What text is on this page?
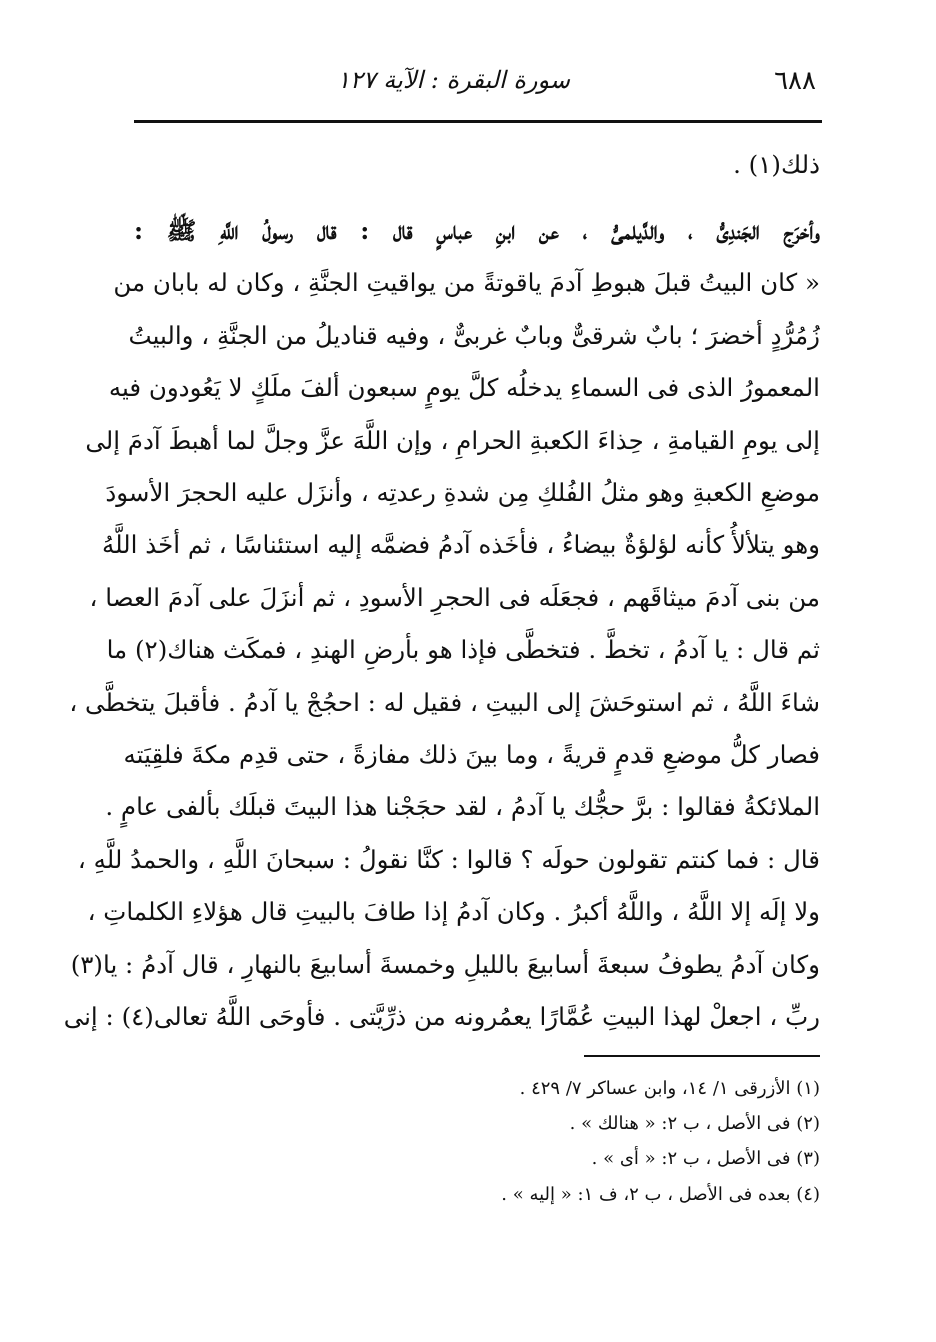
٦٨٨
سورة البقرة : الآية ١٢٧
ذلك(١) .
وأخرَج الجَندِىُّ ، والدَّيلمىُّ ، عن ابنِ عباسٍ قال : قال رسولُ اللَّهِ ﷺ :
« كان البيتُ قبلَ هبوطِ آدمَ ياقوتةً من يواقيتِ الجنَّةِ ، وكان له بابان من
زُمُرُّدٍ أخضرَ ؛ بابٌ شرقىٌّ وبابٌ غربىٌّ ، وفيه قناديلُ من الجنَّةِ ، والبيتُ
المعمورُ الذى فى السماءِ يدخلُه كلَّ يومٍ سبعون ألفَ ملَكٍ لا يَعُودون فيه
إلى يومِ القيامةِ ، حِذاءَ الكعبةِ الحرامِ ، وإن اللَّهَ عزَّ وجلَّ لما أهبطَ آدمَ إلى
موضعِ الكعبةِ وهو مثلُ الفُلكِ مِن شدةِ رعدتِه ، وأنزَل عليه الحجرَ الأسودَ
وهو يتلألأُ كأنه لؤلؤةٌ بيضاءُ ، فأخَذه آدمُ فضمَّه إليه استئناسًا ، ثم أخَذ اللَّهُ
من بنى آدمَ ميثاقَهم ، فجعَلَه فى الحجرِ الأسودِ ، ثم أنزَلَ على آدمَ العصا ،
ثم قال : يا آدمُ ، تخطَّ . فتخطَّى فإذا هو بأرضِ الهندِ ، فمكَث هناك(٢) ما
شاءَ اللَّهُ ، ثم استوحَشَ إلى البيتِ ، فقيل له : احجُجْ يا آدمُ . فأقبلَ يتخطَّى ،
فصار كلُّ موضعِ قدمٍ قريةً ، وما بينَ ذلك مفازةً ، حتى قدِم مكةَ فلقِيَته
الملائكةُ فقالوا : برَّ حجُّك يا آدمُ ، لقد حجَجْنا هذا البيتَ قبلَك بألفى عامٍ .
قال : فما كنتم تقولون حولَه ؟ قالوا : كنَّا نقولُ : سبحانَ اللَّهِ ، والحمدُ للَّهِ ،
ولا إلَه إلا اللَّهُ ، واللَّهُ أكبرُ . وكان آدمُ إذا طافَ بالبيتِ قال هؤلاءِ الكلماتِ ،
وكان آدمُ يطوفُ سبعةَ أسابيعَ بالليلِ وخمسةَ أسابيعَ بالنهارِ ، قال آدمُ : يا(٣)
ربِّ ، اجعلْ لهذا البيتِ عُمَّارًا يعمُرونه من ذرِّيَّتى . فأوحَى اللَّهُ تعالى(٤) : إنى
(١) الأزرقى ١/ ١٤، وابن عساكر ٧/ ٤٢٩ .
(٢) فى الأصل ، ب ٢: « هنالك » .
(٣) فى الأصل ، ب ٢: « أى » .
(٤) بعده فى الأصل ، ب ٢، ف ١: « إليه » .
